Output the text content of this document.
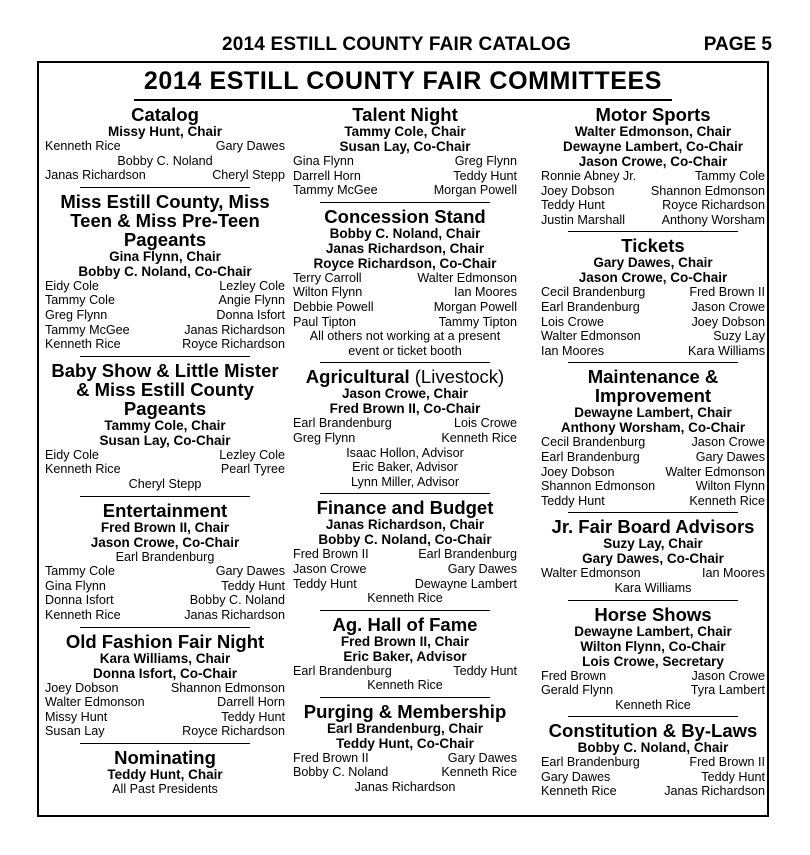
2014 ESTILL COUNTY FAIR CATALOG	PAGE 5
2014 ESTILL COUNTY FAIR COMMITTEES
Catalog
Missy Hunt, Chair
Kenneth Rice	Gary Dawes
Bobby C. Noland
Janas Richardson	Cheryl Stepp
Miss Estill County, Miss Teen & Miss Pre-Teen Pageants
Gina Flynn, Chair
Bobby C. Noland, Co-Chair
Eidy Cole	Lezley Cole
Tammy Cole	Angie Flynn
Greg Flynn	Donna Isfort
Tammy McGee	Janas Richardson
Kenneth Rice	Royce Richardson
Baby Show & Little Mister & Miss Estill County Pageants
Tammy Cole, Chair
Susan Lay, Co-Chair
Eidy Cole	Lezley Cole
Kenneth Rice	Pearl Tyree
Cheryl Stepp
Entertainment
Fred Brown II, Chair
Jason Crowe, Co-Chair
Earl Brandenburg
Tammy Cole	Gary Dawes
Gina Flynn	Teddy Hunt
Donna Isfort	Bobby C. Noland
Kenneth Rice	Janas Richardson
Old Fashion Fair Night
Kara Williams, Chair
Donna Isfort, Co-Chair
Joey Dobson	Shannon Edmonson
Walter Edmonson	Darrell Horn
Missy Hunt	Teddy Hunt
Susan Lay	Royce Richardson
Nominating
Teddy Hunt, Chair
All Past Presidents
Talent Night
Tammy Cole, Chair
Susan Lay, Co-Chair
Gina Flynn	Greg Flynn
Darrell Horn	Teddy Hunt
Tammy McGee	Morgan Powell
Concession Stand
Bobby C. Noland, Chair
Janas Richardson, Chair
Royce Richardson, Co-Chair
Terry Carroll	Walter Edmonson
Wilton Flynn	Ian Moores
Debbie Powell	Morgan Powell
Paul Tipton	Tammy Tipton
All others not working at a present event or ticket booth
Agricultural (Livestock)
Jason Crowe, Chair
Fred Brown II, Co-Chair
Earl Brandenburg	Lois Crowe
Greg Flynn	Kenneth Rice
Isaac Hollon, Advisor
Eric Baker, Advisor
Lynn Miller, Advisor
Finance and Budget
Janas Richardson, Chair
Bobby C. Noland, Co-Chair
Fred Brown II	Earl Brandenburg
Jason Crowe	Gary Dawes
Teddy Hunt	Dewayne Lambert
Kenneth Rice
Ag. Hall of Fame
Fred Brown II, Chair
Eric Baker, Advisor
Earl Brandenburg	Teddy Hunt
Kenneth Rice
Purging & Membership
Earl Brandenburg, Chair
Teddy Hunt, Co-Chair
Fred Brown II	Gary Dawes
Bobby C. Noland	Kenneth Rice
Janas Richardson
Motor Sports
Walter Edmonson, Chair
Dewayne Lambert, Co-Chair
Jason Crowe, Co-Chair
Ronnie Abney Jr.	Tammy Cole
Joey Dobson	Shannon Edmonson
Teddy Hunt	Royce Richardson
Justin Marshall	Anthony Worsham
Tickets
Gary Dawes, Chair
Jason Crowe, Co-Chair
Cecil Brandenburg	Fred Brown II
Earl Brandenburg	Jason Crowe
Lois Crowe	Joey Dobson
Walter Edmonson	Suzy Lay
Ian Moores	Kara Williams
Maintenance & Improvement
Dewayne Lambert, Chair
Anthony Worsham, Co-Chair
Cecil Brandenburg	Jason Crowe
Earl Brandenburg	Gary Dawes
Joey Dobson	Walter Edmonson
Shannon Edmonson	Wilton Flynn
Teddy Hunt	Kenneth Rice
Jr. Fair Board Advisors
Suzy Lay, Chair
Gary Dawes, Co-Chair
Walter Edmonson	Ian Moores
Kara Williams
Horse Shows
Dewayne Lambert, Chair
Wilton Flynn, Co-Chair
Lois Crowe, Secretary
Fred Brown	Jason Crowe
Gerald Flynn	Tyra Lambert
Kenneth Rice
Constitution & By-Laws
Bobby C. Noland, Chair
Earl Brandenburg	Fred Brown II
Gary Dawes	Teddy Hunt
Kenneth Rice	Janas Richardson
